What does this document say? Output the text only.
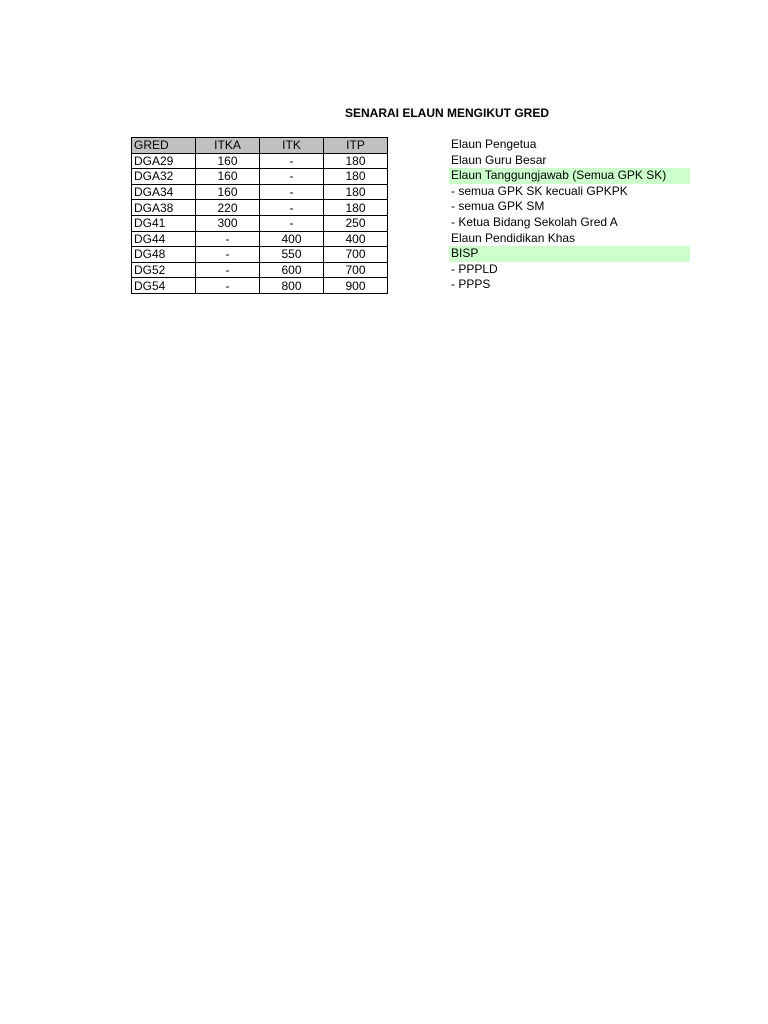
SENARAI ELAUN MENGIKUT GRED
GRED	ITKA	ITK	ITP
DGA29	160	-	180
DGA32	160	-	180
DGA34	160	-	180
DGA38	220	-	180
DG41	300	-	250
DG44	-	400	400
DG48	-	550	700
DG52	-	600	700
DG54	-	800	900
Elaun Pengetua
Elaun Guru Besar
Elaun Tanggungjawab (Semua GPK SK)
- semua GPK SK kecuali GPKPK
- semua GPK SM
- Ketua Bidang Sekolah Gred A
Elaun Pendidikan Khas
BISP
- PPPLD
- PPPS
